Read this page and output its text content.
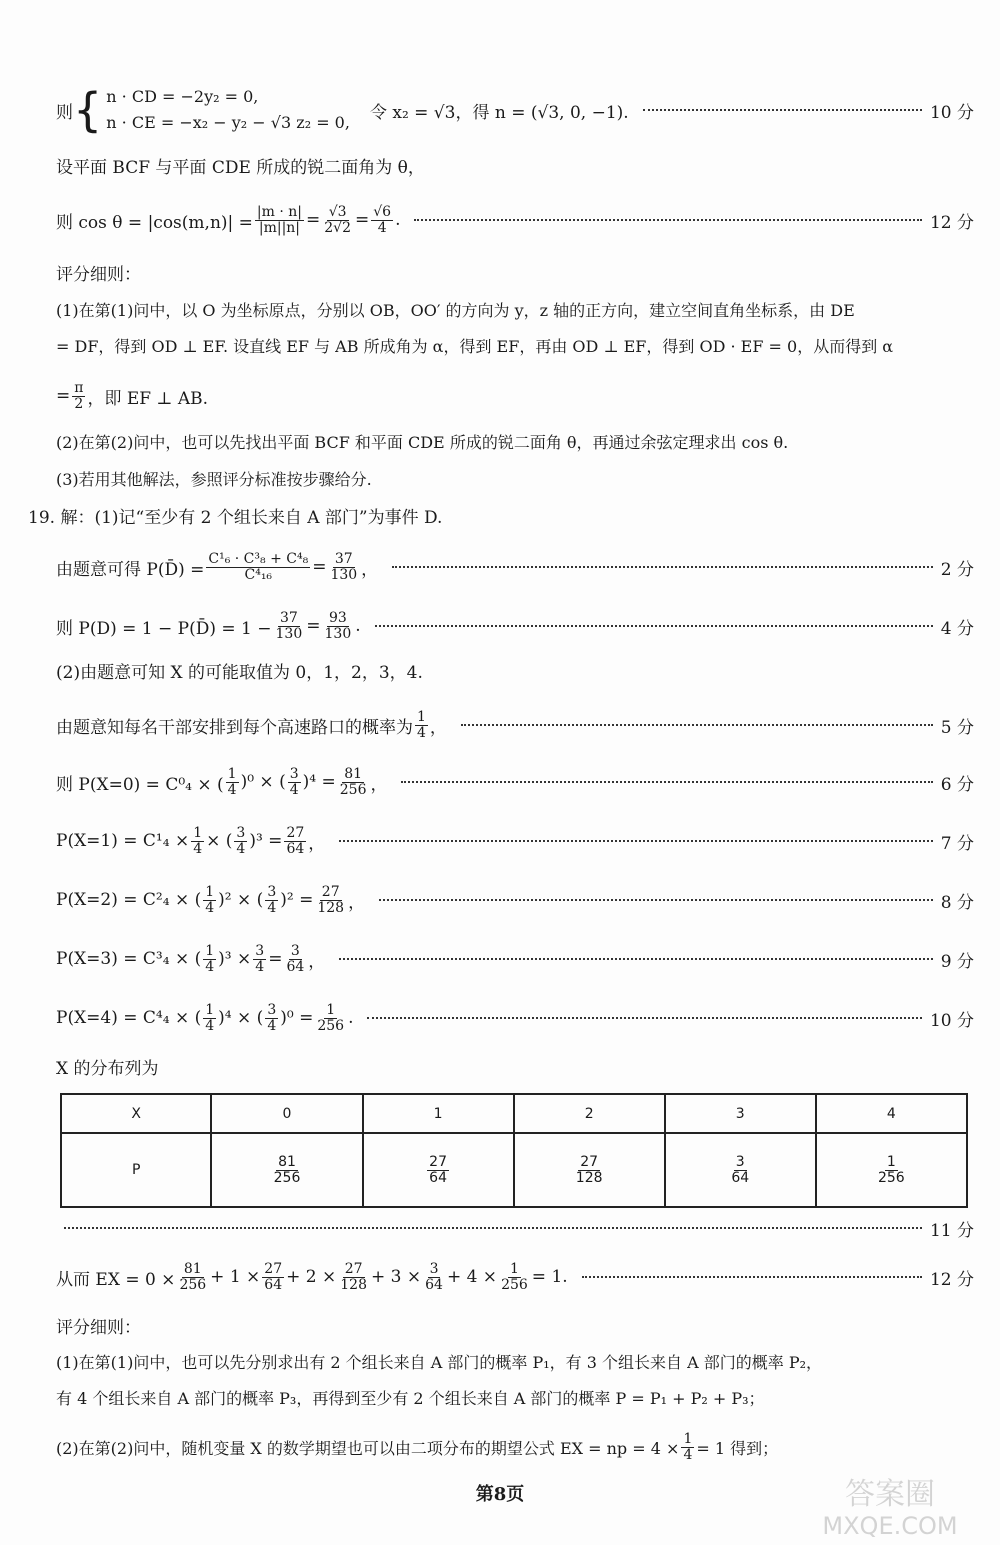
则 { n · CD = −2y₂ = 0,
n · CE = −x₂ − y₂ − √3 z₂ = 0, 令 x₂ = √3，得 n = (√3, 0, −1).	10 分
设平面 BCF 与平面 CDE 所成的锐二面角为 θ，
则 $\cos \theta = |\cos(m,n)| = \frac{|m \cdot n|}{|m||n|} = \frac{√3}{2√2} = \frac{√6}{4}$ .	12 分
评分细则：
(1)在第(1)问中，以 O 为坐标原点，分别以 OB，OO′ 的方向为 y，z 轴的正方向，建立空间直角坐标系，由 DE
= DF，得到 OD ⊥ EF. 设直线 EF 与 AB 所成角为 α，得到 EF，再由 OD ⊥ EF，得到 OD · EF = 0，从而得到 α
= $\frac{\pi}{2}$ ，即 EF ⊥ AB.
(2)在第(2)问中，也可以先找出平面 BCF 和平面 CDE 所成的锐二面角 θ，再通过余弦定理求出 cos θ.
(3)若用其他解法，参照评分标准按步骤给分.
19. 解：(1)记“至少有 2 个组长来自 A 部门”为事件 D.
由题意可得 P(D̄) = $\frac{\text{C¹₆ · C³₈ + C⁴₈}}{\text{C⁴₁₆}} = \frac{37}{130}$ ，	2 分
则 P(D) = 1 − P(D̄) = $1 - \frac{37}{130} = \frac{93}{130}$ .	4 分
(2)由题意可知 X 的可能取值为 0，1，2，3，4.
由题意知每名干部安排到每个高速路口的概率为 $\frac{1}{4}$ ，	5 分
则 P(X=0) = C⁰₄ × ( $\frac{1}{4} )^0$ × ( $\frac{3}{4} )^4 = \frac{81}{256}$ ，	6 分
$P(X=1) = C^1_4 \times \frac{1}{4}$ × ( $\frac{3}{4} )^3 = \frac{27}{64}$ ，	7 分
P(X=2) = C²₄ × ( $\frac{1}{4} )^2$ × ( $\frac{3}{4} )^2 = \frac{27}{128}$ ，	8 分
P(X=3) = C³₄ × ( $\frac{1}{4} )^3 \times \frac{3}{4} = \frac{3}{64}$ ，	9 分
P(X=4) = C⁴₄ × ( $\frac{1}{4} )^4$ × ( $\frac{3}{4} )^0 = \frac{1}{256}$ .	10 分
X 的分布列为
X	0	1	2	3	4
P	$\frac{81}{256}$	$\frac{27}{64}$	$\frac{27}{128}$	$\frac{3}{64}$	$\frac{1}{256}$
11 分
从而 EX = $0 \times \frac{81}{256} + 1 \times \frac{27}{64} + 2 \times \frac{27}{128} + 3 \times \frac{3}{64} + 4 \times \frac{1}{256} = 1$.	12 分
评分细则：
(1)在第(1)问中，也可以先分别求出有 2 个组长来自 A 部门的概率 P₁，有 3 个组长来自 A 部门的概率 P₂，
有 4 个组长来自 A 部门的概率 P₃，再得到至少有 2 个组长来自 A 部门的概率 P = P₁ + P₂ + P₃；
(2)在第(2)问中，随机变量 X 的数学期望也可以由二项分布的期望公式 EX = np = $4 \times \frac{1}{4} = 1$ 得到；
第8页	答案圈
MXQE.COM
